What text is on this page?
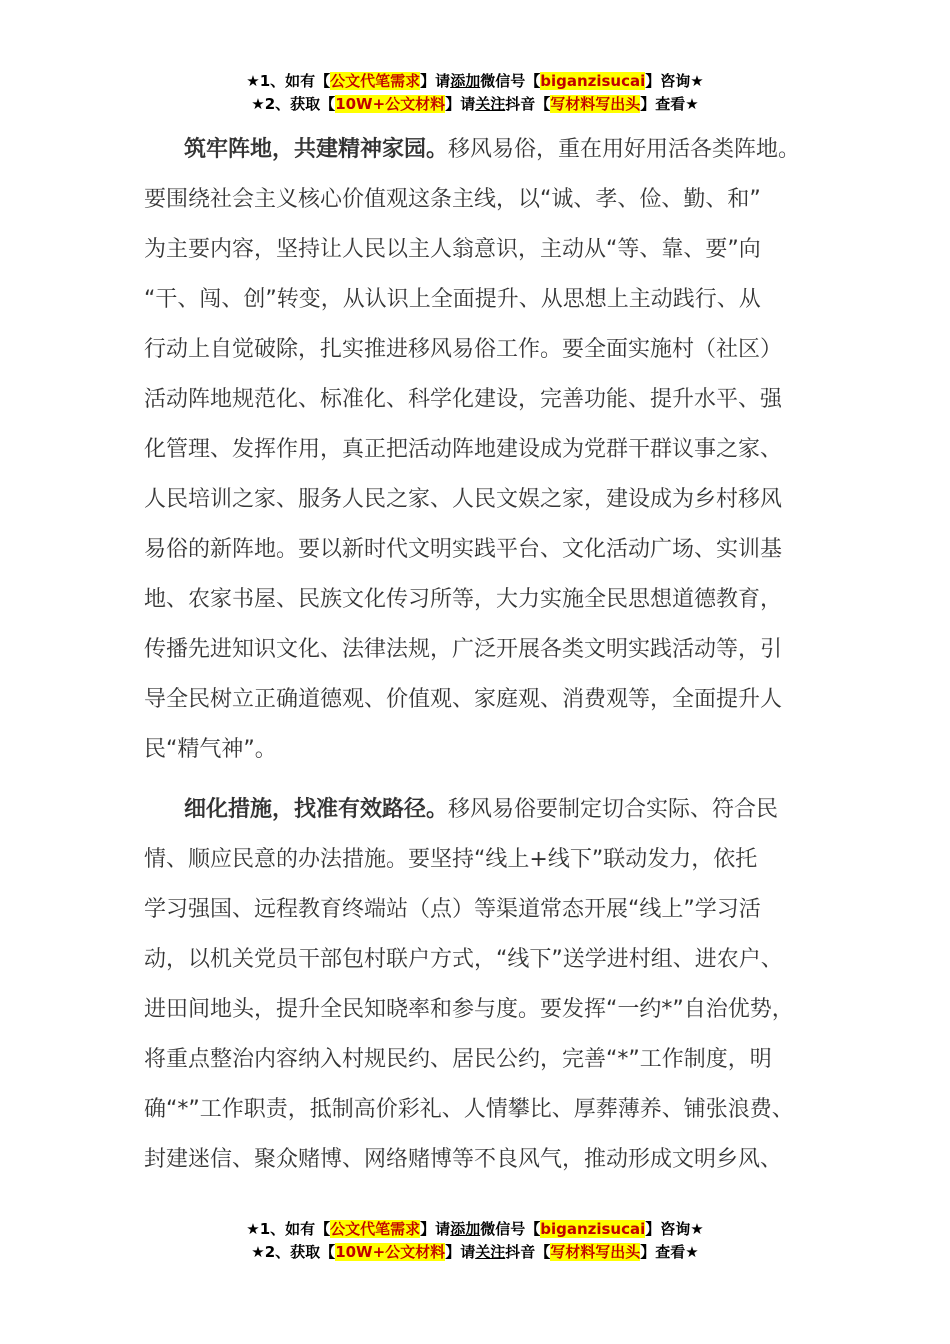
★1、如有【公文代笔需求】请添加微信号【biganzisucai】咨询★
★2、获取【10W+公文材料】请关注抖音【写材料写出头】查看★
筑牢阵地，共建精神家园。移风易俗，重在用好用活各类阵地。
要围绕社会主义核心价值观这条主线，以“诚、孝、俭、勤、和”
为主要内容，坚持让人民以主人翁意识，主动从“等、靠、要”向
“干、闯、创”转变，从认识上全面提升、从思想上主动践行、从
行动上自觉破除，扎实推进移风易俗工作。要全面实施村（社区）
活动阵地规范化、标准化、科学化建设，完善功能、提升水平、强
化管理、发挥作用，真正把活动阵地建设成为党群干群议事之家、
人民培训之家、服务人民之家、人民文娱之家，建设成为乡村移风
易俗的新阵地。要以新时代文明实践平台、文化活动广场、实训基
地、农家书屋、民族文化传习所等，大力实施全民思想道德教育，
传播先进知识文化、法律法规，广泛开展各类文明实践活动等，引
导全民树立正确道德观、价值观、家庭观、消费观等，全面提升人
民“精气神”。
细化措施，找准有效路径。移风易俗要制定切合实际、符合民
情、顺应民意的办法措施。要坚持“线上+线下”联动发力，依托
学习强国、远程教育终端站（点）等渠道常态开展“线上”学习活
动，以机关党员干部包村联户方式，“线下”送学进村组、进农户、
进田间地头，提升全民知晓率和参与度。要发挥“一约*”自治优势，
将重点整治内容纳入村规民约、居民公约，完善“*”工作制度，明
确“*”工作职责，抵制高价彩礼、人情攀比、厚葬薄养、铺张浪费、
封建迷信、聚众赌博、网络赌博等不良风气，推动形成文明乡风、
★1、如有【公文代笔需求】请添加微信号【biganzisucai】咨询★
★2、获取【10W+公文材料】请关注抖音【写材料写出头】查看★
